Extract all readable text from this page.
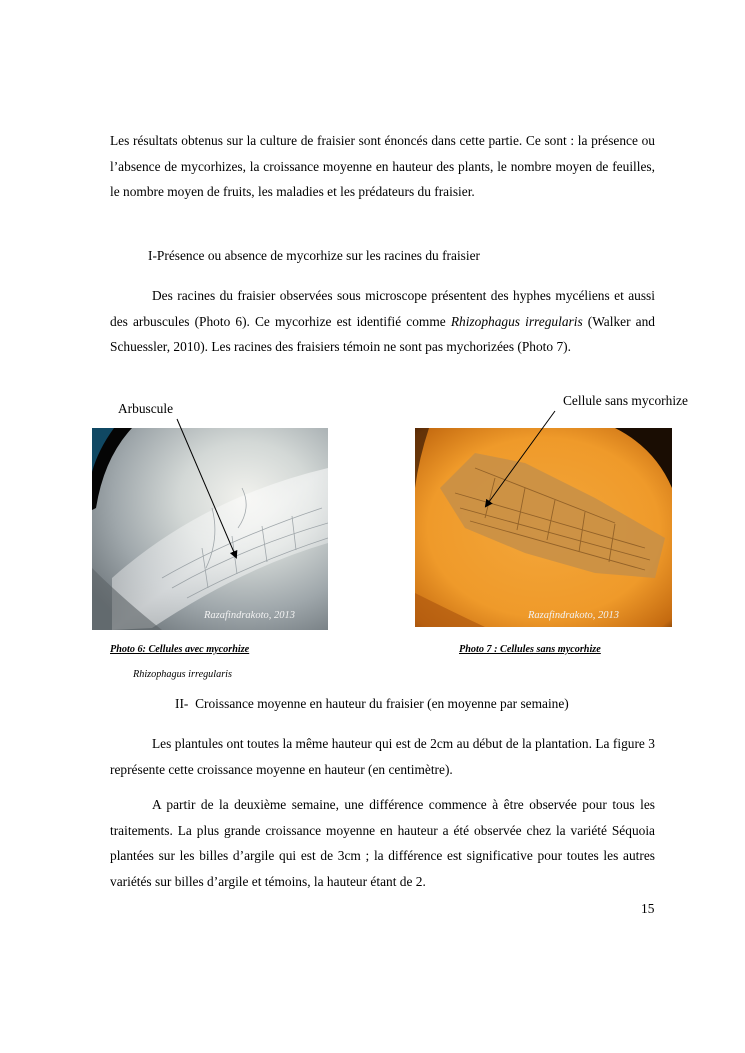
Les résultats obtenus sur la culture de fraisier sont énoncés dans cette partie. Ce sont : la présence ou l’absence de mycorhizes, la croissance moyenne en hauteur des plants, le nombre moyen de feuilles, le nombre moyen de fruits, les maladies et les prédateurs du fraisier.

I-Présence ou absence de mycorhize sur les racines du fraisier

Des racines du fraisier observées sous microscope présentent des hyphes mycéliens et aussi des arbuscules (Photo 6). Ce mycorhize est identifié comme Rhizophagus irregularis (Walker and Schuessler, 2010). Les racines des fraisiers témoin ne sont pas mychorizées (Photo 7).

Arbuscule
Cellule sans mycorhize
Razafindrakoto, 2013	Razafindrakoto, 2013
Photo 6: Cellules avec mycorhize	Photo 7 : Cellules sans mycorhize
Rhizophagus irregularis

II- Croissance moyenne en hauteur du fraisier (en moyenne par semaine)

Les plantules ont toutes la même hauteur qui est de 2cm au début de la plantation. La figure 3 représente cette croissance moyenne en hauteur (en centimètre).

A partir de la deuxième semaine, une différence commence à être observée pour tous les traitements. La plus grande croissance moyenne en hauteur a été observée chez la variété Séquoia plantées sur les billes d’argile qui est de 3cm ; la différence est significative pour toutes les autres variétés sur billes d’argile et témoins, la hauteur étant de 2.

15
